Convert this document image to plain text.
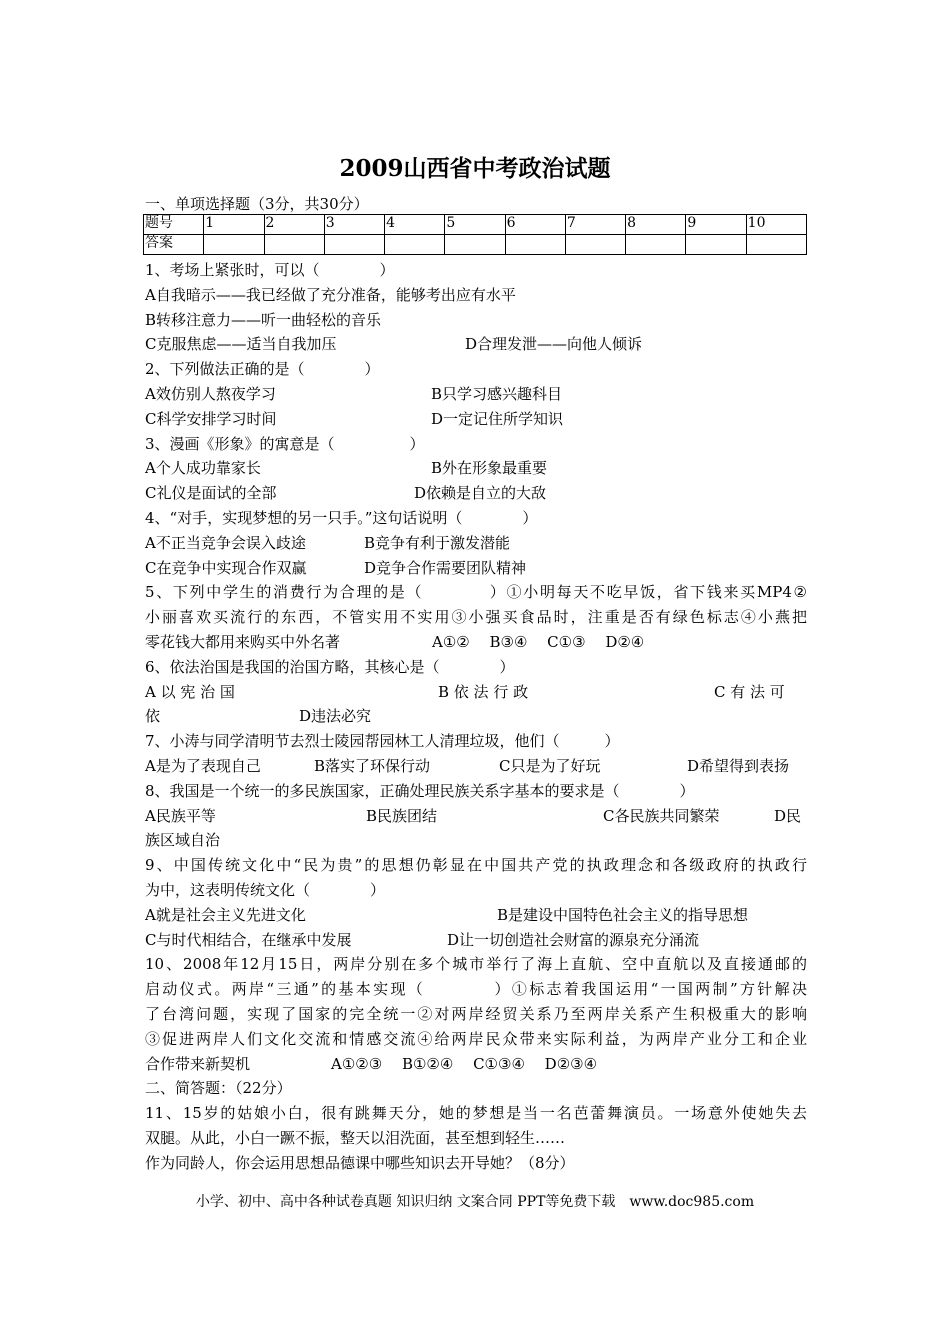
2009山西省中考政治试题
一、单项选择题（3分，共30分）
题号	1	2	3	4	5	6	7	8	9	10
答案										
1、考场上紧张时，可以（　　　　）
A自我暗示——我已经做了充分准备，能够考出应有水平
B转移注意力——听一曲轻松的音乐
C克服焦虑——适当自我加压	D合理发泄——向他人倾诉
2、下列做法正确的是（　　　　）
A效仿别人熬夜学习	B只学习感兴趣科目
C科学安排学习时间	D一定记住所学知识
3、漫画《形象》的寓意是（　　　　　）
A个人成功靠家长	B外在形象最重要
C礼仪是面试的全部	D依赖是自立的大敌
4、“对手，实现梦想的另一只手。”这句话说明（　　　　）
A不正当竞争会误入歧途	B竞争有利于激发潜能
C在竞争中实现合作双赢	D竞争合作需要团队精神
5、下列中学生的消费行为合理的是（　　　　）①小明每天不吃早饭，省下钱来买MP4②
小丽喜欢买流行的东西，不管实用不实用③小强买食品时，注重是否有绿色标志④小燕把
零花钱大都用来购买中外名著	A①②　 B③④　 C①③　 D②④
6、依法治国是我国的治国方略，其核心是（　　　　）
A 以 宪 治 国	B 依 法 行 政	C 有 法 可
依	D违法必究
7、小涛与同学清明节去烈士陵园帮园林工人清理垃圾，他们（　　　）
A是为了表现自己	B落实了环保行动	C只是为了好玩	D希望得到表扬
8、我国是一个统一的多民族国家，正确处理民族关系字基本的要求是（　　　　）
A民族平等	B民族团结	C各民族共同繁荣	D民
族区域自治
9、中国传统文化中“民为贵”的思想仍彰显在中国共产党的执政理念和各级政府的执政行
为中，这表明传统文化（　　　　）
A就是社会主义先进文化	B是建设中国特色社会主义的指导思想
C与时代相结合，在继承中发展	D让一切创造社会财富的源泉充分涌流
10、2008年12月15日，两岸分别在多个城市举行了海上直航、空中直航以及直接通邮的
启动仪式。两岸“三通”的基本实现（　　　　）①标志着我国运用“一国两制”方针解决
了台湾问题，实现了国家的完全统一②对两岸经贸关系乃至两岸关系产生积极重大的影响
③促进两岸人们文化交流和情感交流④给两岸民众带来实际利益，为两岸产业分工和企业
合作带来新契机	A①②③　 B①②④　 C①③④　 D②③④
二、简答题：（22分）
11、15岁的姑娘小白，很有跳舞天分，她的梦想是当一名芭蕾舞演员。一场意外使她失去
双腿。从此，小白一蹶不振，整天以泪洗面，甚至想到轻生……
作为同龄人，你会运用思想品德课中哪些知识去开导她？（8分）
小学、初中、高中各种试卷真题 知识归纳 文案合同 PPT等免费下载　www.doc985.com
